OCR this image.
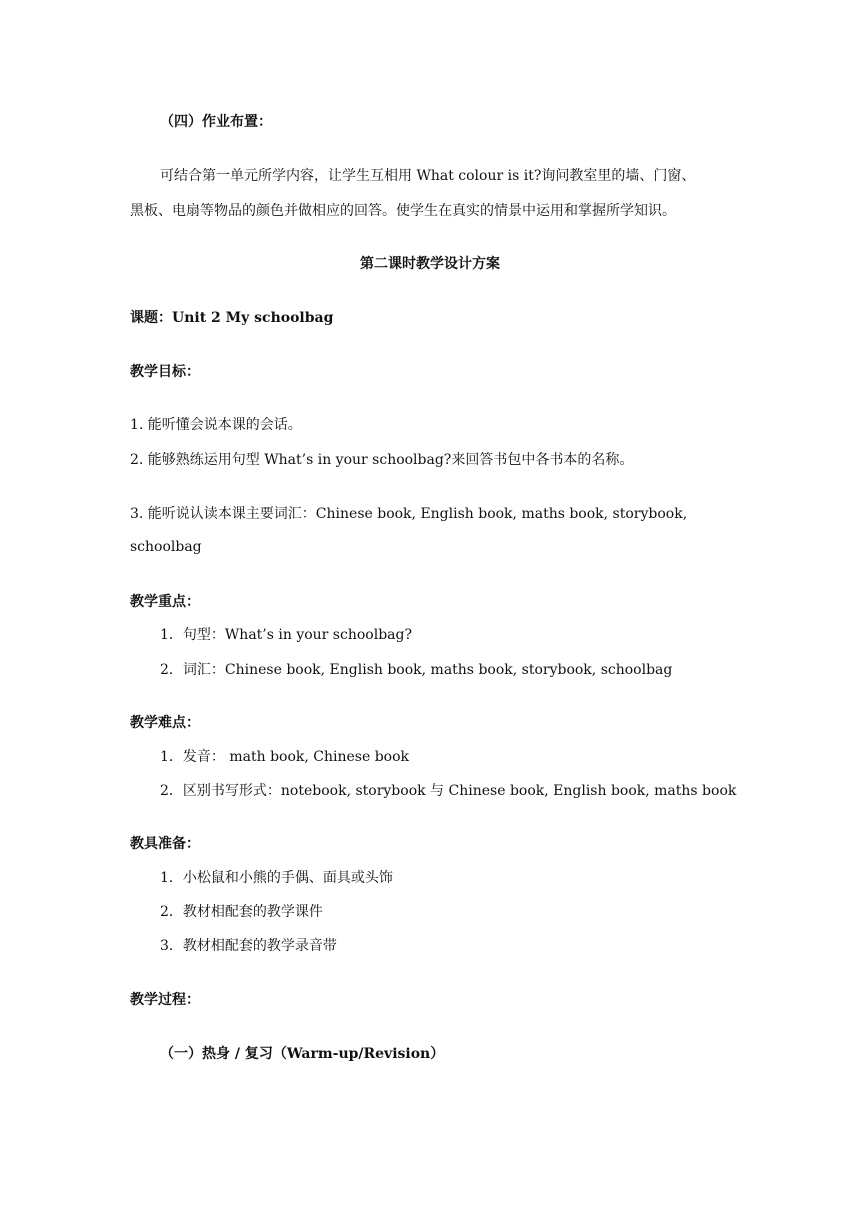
（四）作业布置：
可结合第一单元所学内容，让学生互相用 What colour is it?询问教室里的墙、门窗、
黑板、电扇等物品的颜色并做相应的回答。使学生在真实的情景中运用和掌握所学知识。
第二课时教学设计方案
课题：Unit 2 My schoolbag
教学目标：
1. 能听懂会说本课的会话。
2. 能够熟练运用句型 What’s in your schoolbag?来回答书包中各书本的名称。
3. 能听说认读本课主要词汇：Chinese book, English book, maths book, storybook,
schoolbag
教学重点：
1．句型：What’s in your schoolbag?
2．词汇：Chinese book, English book, maths book, storybook, schoolbag
教学难点：
1．发音： math book, Chinese book
2．区别书写形式：notebook, storybook 与 Chinese book, English book, maths book
教具准备：
1．小松鼠和小熊的手偶、面具或头饰
2．教材相配套的教学课件
3．教材相配套的教学录音带
教学过程：
（一）热身 / 复习（Warm-up/Revision）
